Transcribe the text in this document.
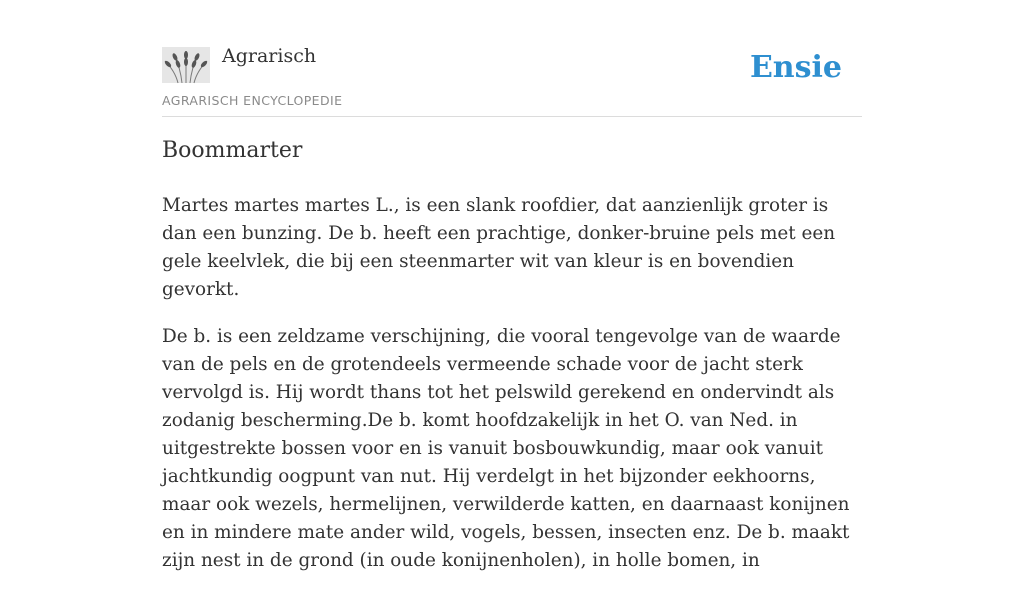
Agrarisch
AGRARISCH ENCYCLOPEDIE
Ensie
Boommarter

Martes martes martes L., is een slank roofdier, dat aanzienlijk groter is dan een bunzing. De b. heeft een prachtige, donker-bruine pels met een gele keelvlek, die bij een steenmarter wit van kleur is en bovendien gevorkt.

De b. is een zeldzame verschijning, die vooral tengevolge van de waarde van de pels en de grotendeels vermeende schade voor de jacht sterk vervolgd is. Hij wordt thans tot het pelswild gerekend en ondervindt als zodanig bescherming.De b. komt hoofdzakelijk in het O. van Ned. in uitgestrekte bossen voor en is vanuit bosbouwkundig, maar ook vanuit jachtkundig oogpunt van nut. Hij verdelgt in het bijzonder eekhoorns, maar ook wezels, hermelijnen, verwilderde katten, en daarnaast konijnen en in mindere mate ander wild, vogels, bessen, insecten enz. De b. maakt zijn nest in de grond (in oude konijnenholen), in holle bomen, in
